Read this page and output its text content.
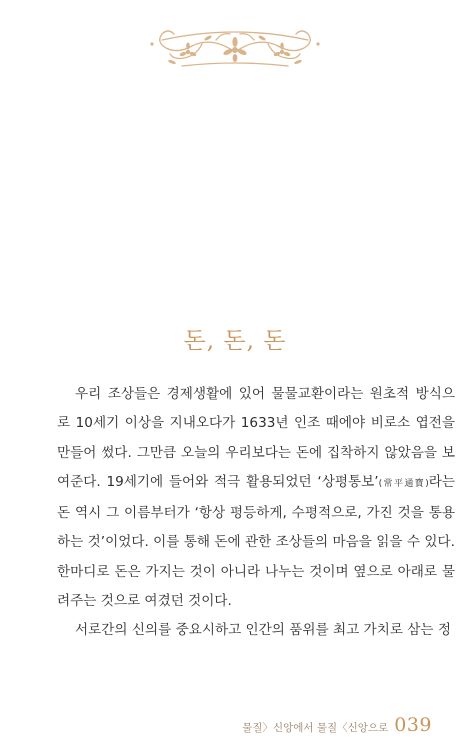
돈, 돈, 돈

우리 조상들은 경제생활에 있어 물물교환이라는 원초적 방식으로 10세기 이상을 지내오다가 1633년 인조 때에야 비로소 엽전을 만들어 썼다. 그만큼 오늘의 우리보다는 돈에 집착하지 않았음을 보여준다. 19세기에 들어와 적극 활용되었던 ‘상평통보’(常平通寶)라는 돈 역시 그 이름부터가 ‘항상 평등하게, 수평적으로, 가진 것을 통용하는 것’이었다. 이를 통해 돈에 관한 조상들의 마음을 읽을 수 있다. 한마디로 돈은 가지는 것이 아니라 나누는 것이며 옆으로 아래로 물려주는 것으로 여겼던 것이다.

서로간의 신의를 중요시하고 인간의 품위를 최고 가치로 삼는 정

물질〉신앙에서 물질〈신앙으로 039
